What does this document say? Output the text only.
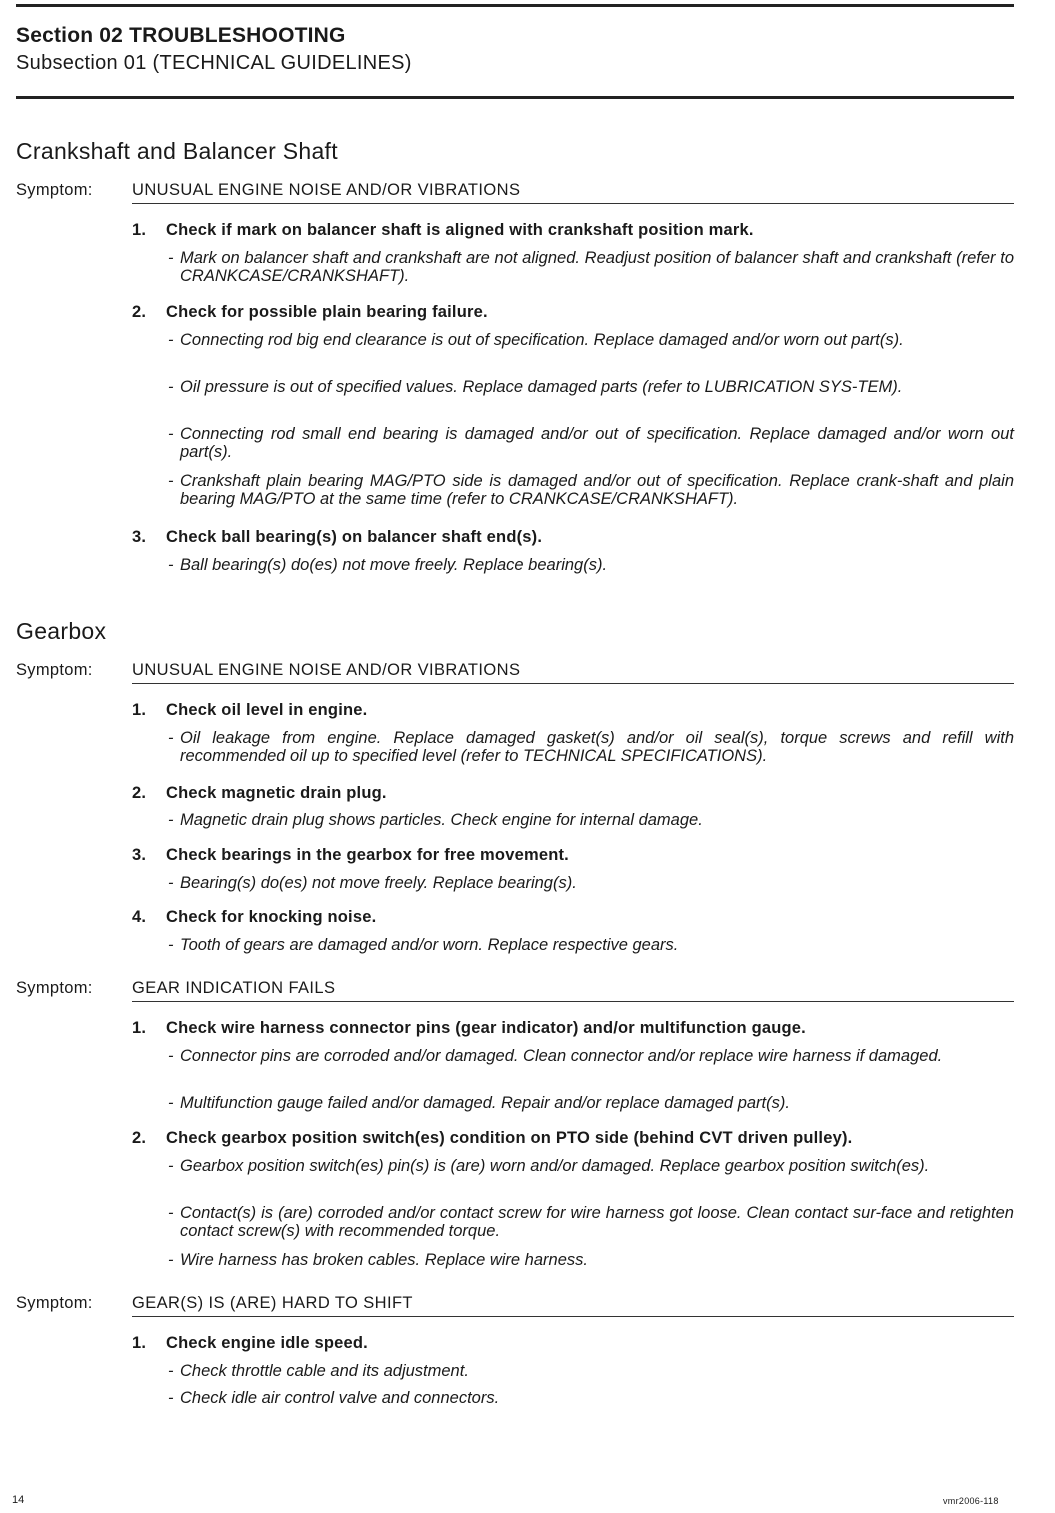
Section 02 TROUBLESHOOTING
Subsection 01 (TECHNICAL GUIDELINES)
Crankshaft and Balancer Shaft
Symptom: UNUSUAL ENGINE NOISE AND/OR VIBRATIONS
1. Check if mark on balancer shaft is aligned with crankshaft position mark.
- Mark on balancer shaft and crankshaft are not aligned. Readjust position of balancer shaft and crankshaft (refer to CRANKCASE/CRANKSHAFT).
2. Check for possible plain bearing failure.
- Connecting rod big end clearance is out of specification. Replace damaged and/or worn out part(s).
- Oil pressure is out of specified values. Replace damaged parts (refer to LUBRICATION SYS-TEM).
- Connecting rod small end bearing is damaged and/or out of specification. Replace damaged and/or worn out part(s).
- Crankshaft plain bearing MAG/PTO side is damaged and/or out of specification. Replace crank-shaft and plain bearing MAG/PTO at the same time (refer to CRANKCASE/CRANKSHAFT).
3. Check ball bearing(s) on balancer shaft end(s).
- Ball bearing(s) do(es) not move freely. Replace bearing(s).
Gearbox
Symptom: UNUSUAL ENGINE NOISE AND/OR VIBRATIONS
1. Check oil level in engine.
- Oil leakage from engine. Replace damaged gasket(s) and/or oil seal(s), torque screws and refill with recommended oil up to specified level (refer to TECHNICAL SPECIFICATIONS).
2. Check magnetic drain plug.
- Magnetic drain plug shows particles. Check engine for internal damage.
3. Check bearings in the gearbox for free movement.
- Bearing(s) do(es) not move freely. Replace bearing(s).
4. Check for knocking noise.
- Tooth of gears are damaged and/or worn. Replace respective gears.
Symptom: GEAR INDICATION FAILS
1. Check wire harness connector pins (gear indicator) and/or multifunction gauge.
- Connector pins are corroded and/or damaged. Clean connector and/or replace wire harness if damaged.
- Multifunction gauge failed and/or damaged. Repair and/or replace damaged part(s).
2. Check gearbox position switch(es) condition on PTO side (behind CVT driven pulley).
- Gearbox position switch(es) pin(s) is (are) worn and/or damaged. Replace gearbox position switch(es).
- Contact(s) is (are) corroded and/or contact screw for wire harness got loose. Clean contact sur-face and retighten contact screw(s) with recommended torque.
- Wire harness has broken cables. Replace wire harness.
Symptom: GEAR(S) IS (ARE) HARD TO SHIFT
1. Check engine idle speed.
- Check throttle cable and its adjustment.
- Check idle air control valve and connectors.
14	vmr2006-118
